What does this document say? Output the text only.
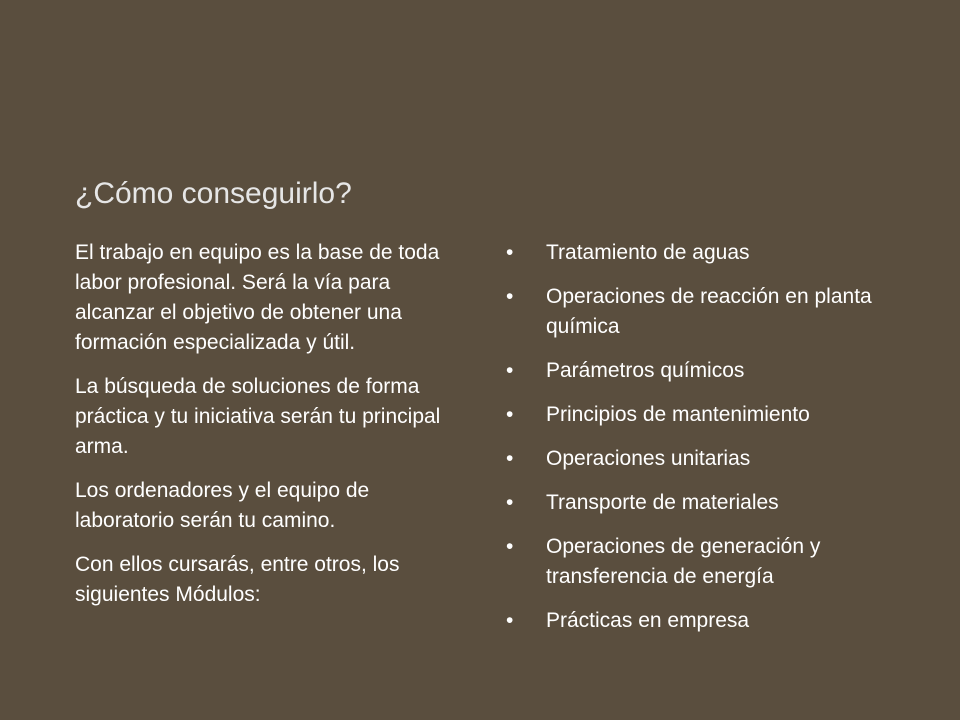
¿Cómo conseguirlo?

El trabajo en equipo es la base de toda labor profesional. Será la vía para alcanzar el objetivo de obtener una formación especializada y útil.

La búsqueda de soluciones de forma práctica y tu iniciativa serán tu principal arma.

Los ordenadores y el equipo de laboratorio serán tu camino.

Con ellos cursarás, entre otros, los siguientes Módulos:

•	Tratamiento de aguas
•	Operaciones de reacción en planta química
•	Parámetros químicos
•	Principios de mantenimiento
•	Operaciones unitarias
•	Transporte de materiales
•	Operaciones de generación y transferencia de energía
•	Prácticas en empresa
